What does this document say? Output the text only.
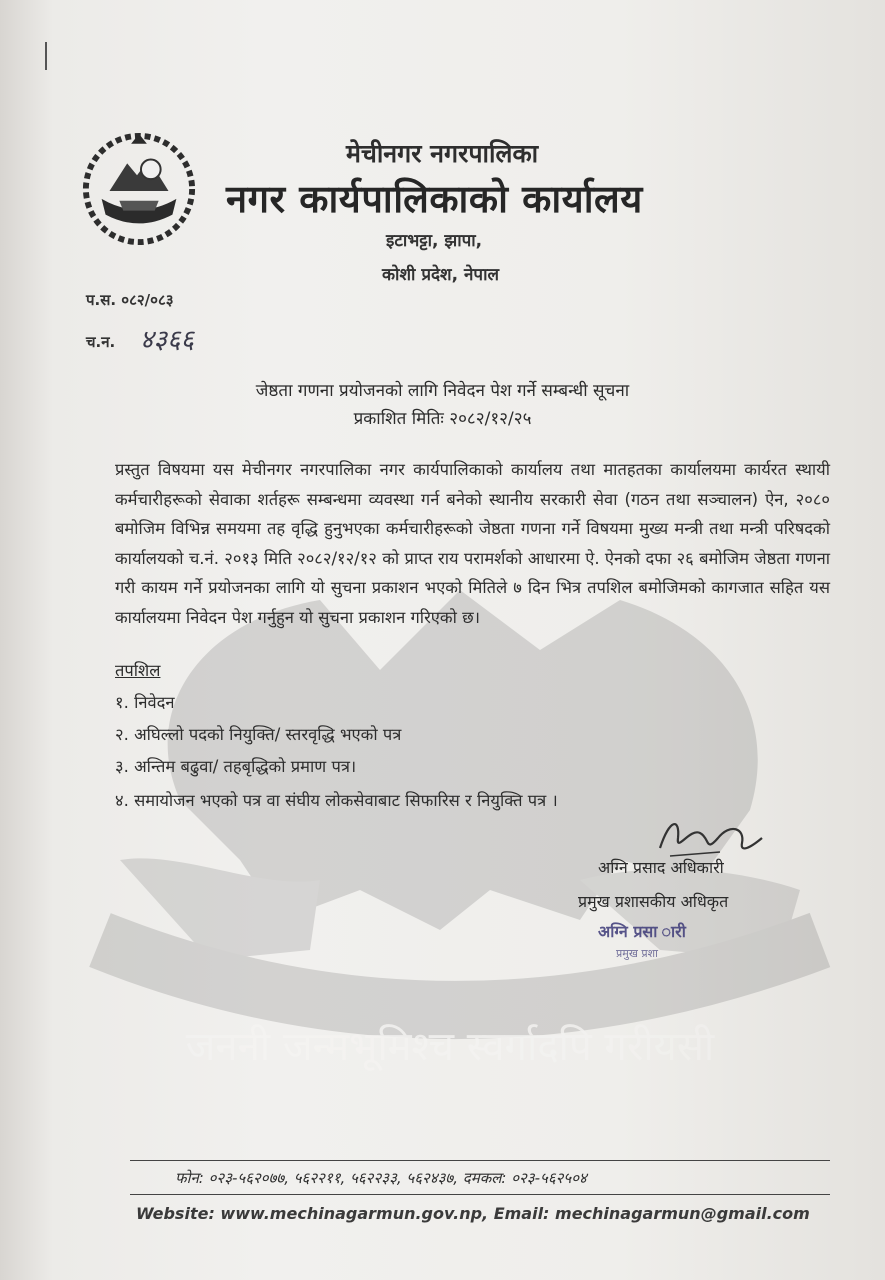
जननी जन्मभूमिश्च स्वर्गादपि गरीयसी
मेचीनगर नगरपालिका
नगर कार्यपालिकाको कार्यालय
इटाभट्टा, झापा,
कोशी प्रदेश, नेपाल
प.स. ०८२/०८३
च.न. ४३६६
जेष्ठता गणना प्रयोजनको लागि निवेदन पेश गर्ने सम्बन्धी सूचना
प्रकाशित मितिः २०८२/१२/२५
प्रस्तुत विषयमा यस मेचीनगर नगरपालिका नगर कार्यपालिकाको कार्यालय तथा मातहतका कार्यालयमा कार्यरत स्थायी कर्मचारीहरूको सेवाका शर्तहरू सम्बन्धमा व्यवस्था गर्न बनेको स्थानीय सरकारी सेवा (गठन तथा सञ्चालन) ऐन, २०८० बमोजिम विभिन्न समयमा तह वृद्धि हुनुभएका कर्मचारीहरूको जेष्ठता गणना गर्ने विषयमा मुख्य मन्त्री तथा मन्त्री परिषदको कार्यालयको च.नं. २०१३ मिति २०८२/१२/१२ को प्राप्त राय परामर्शको आधारमा ऐ. ऐनको दफा २६ बमोजिम जेष्ठता गणना गरी कायम गर्ने प्रयोजनका लागि यो सुचना प्रकाशन भएको मितिले ७ दिन भित्र तपशिल बमोजिमको कागजात सहित यस कार्यालयमा निवेदन पेश गर्नुहुन यो सुचना प्रकाशन गरिएको छ।
तपशिल
१. निवेदन
२. अघिल्लो पदको नियुक्ति/ स्तरवृद्धि भएको पत्र
३. अन्तिम बढुवा/ तहबृद्धिको प्रमाण पत्र।
४. समायोजन भएको पत्र वा संघीय लोकसेवाबाट सिफारिस र नियुक्ति पत्र ।
अग्नि प्रसाद अधिकारी
प्रमुख प्रशासकीय अधिकृत
अग्नि प्रसा ारी
प्रमुख प्रशा
फोन: ०२३-५६२०७७, ५६२२११, ५६२२३३, ५६२४३७, दमकल: ०२३-५६२५०४
Website: www.mechinagarmun.gov.np, Email: mechinagarmun@gmail.com
